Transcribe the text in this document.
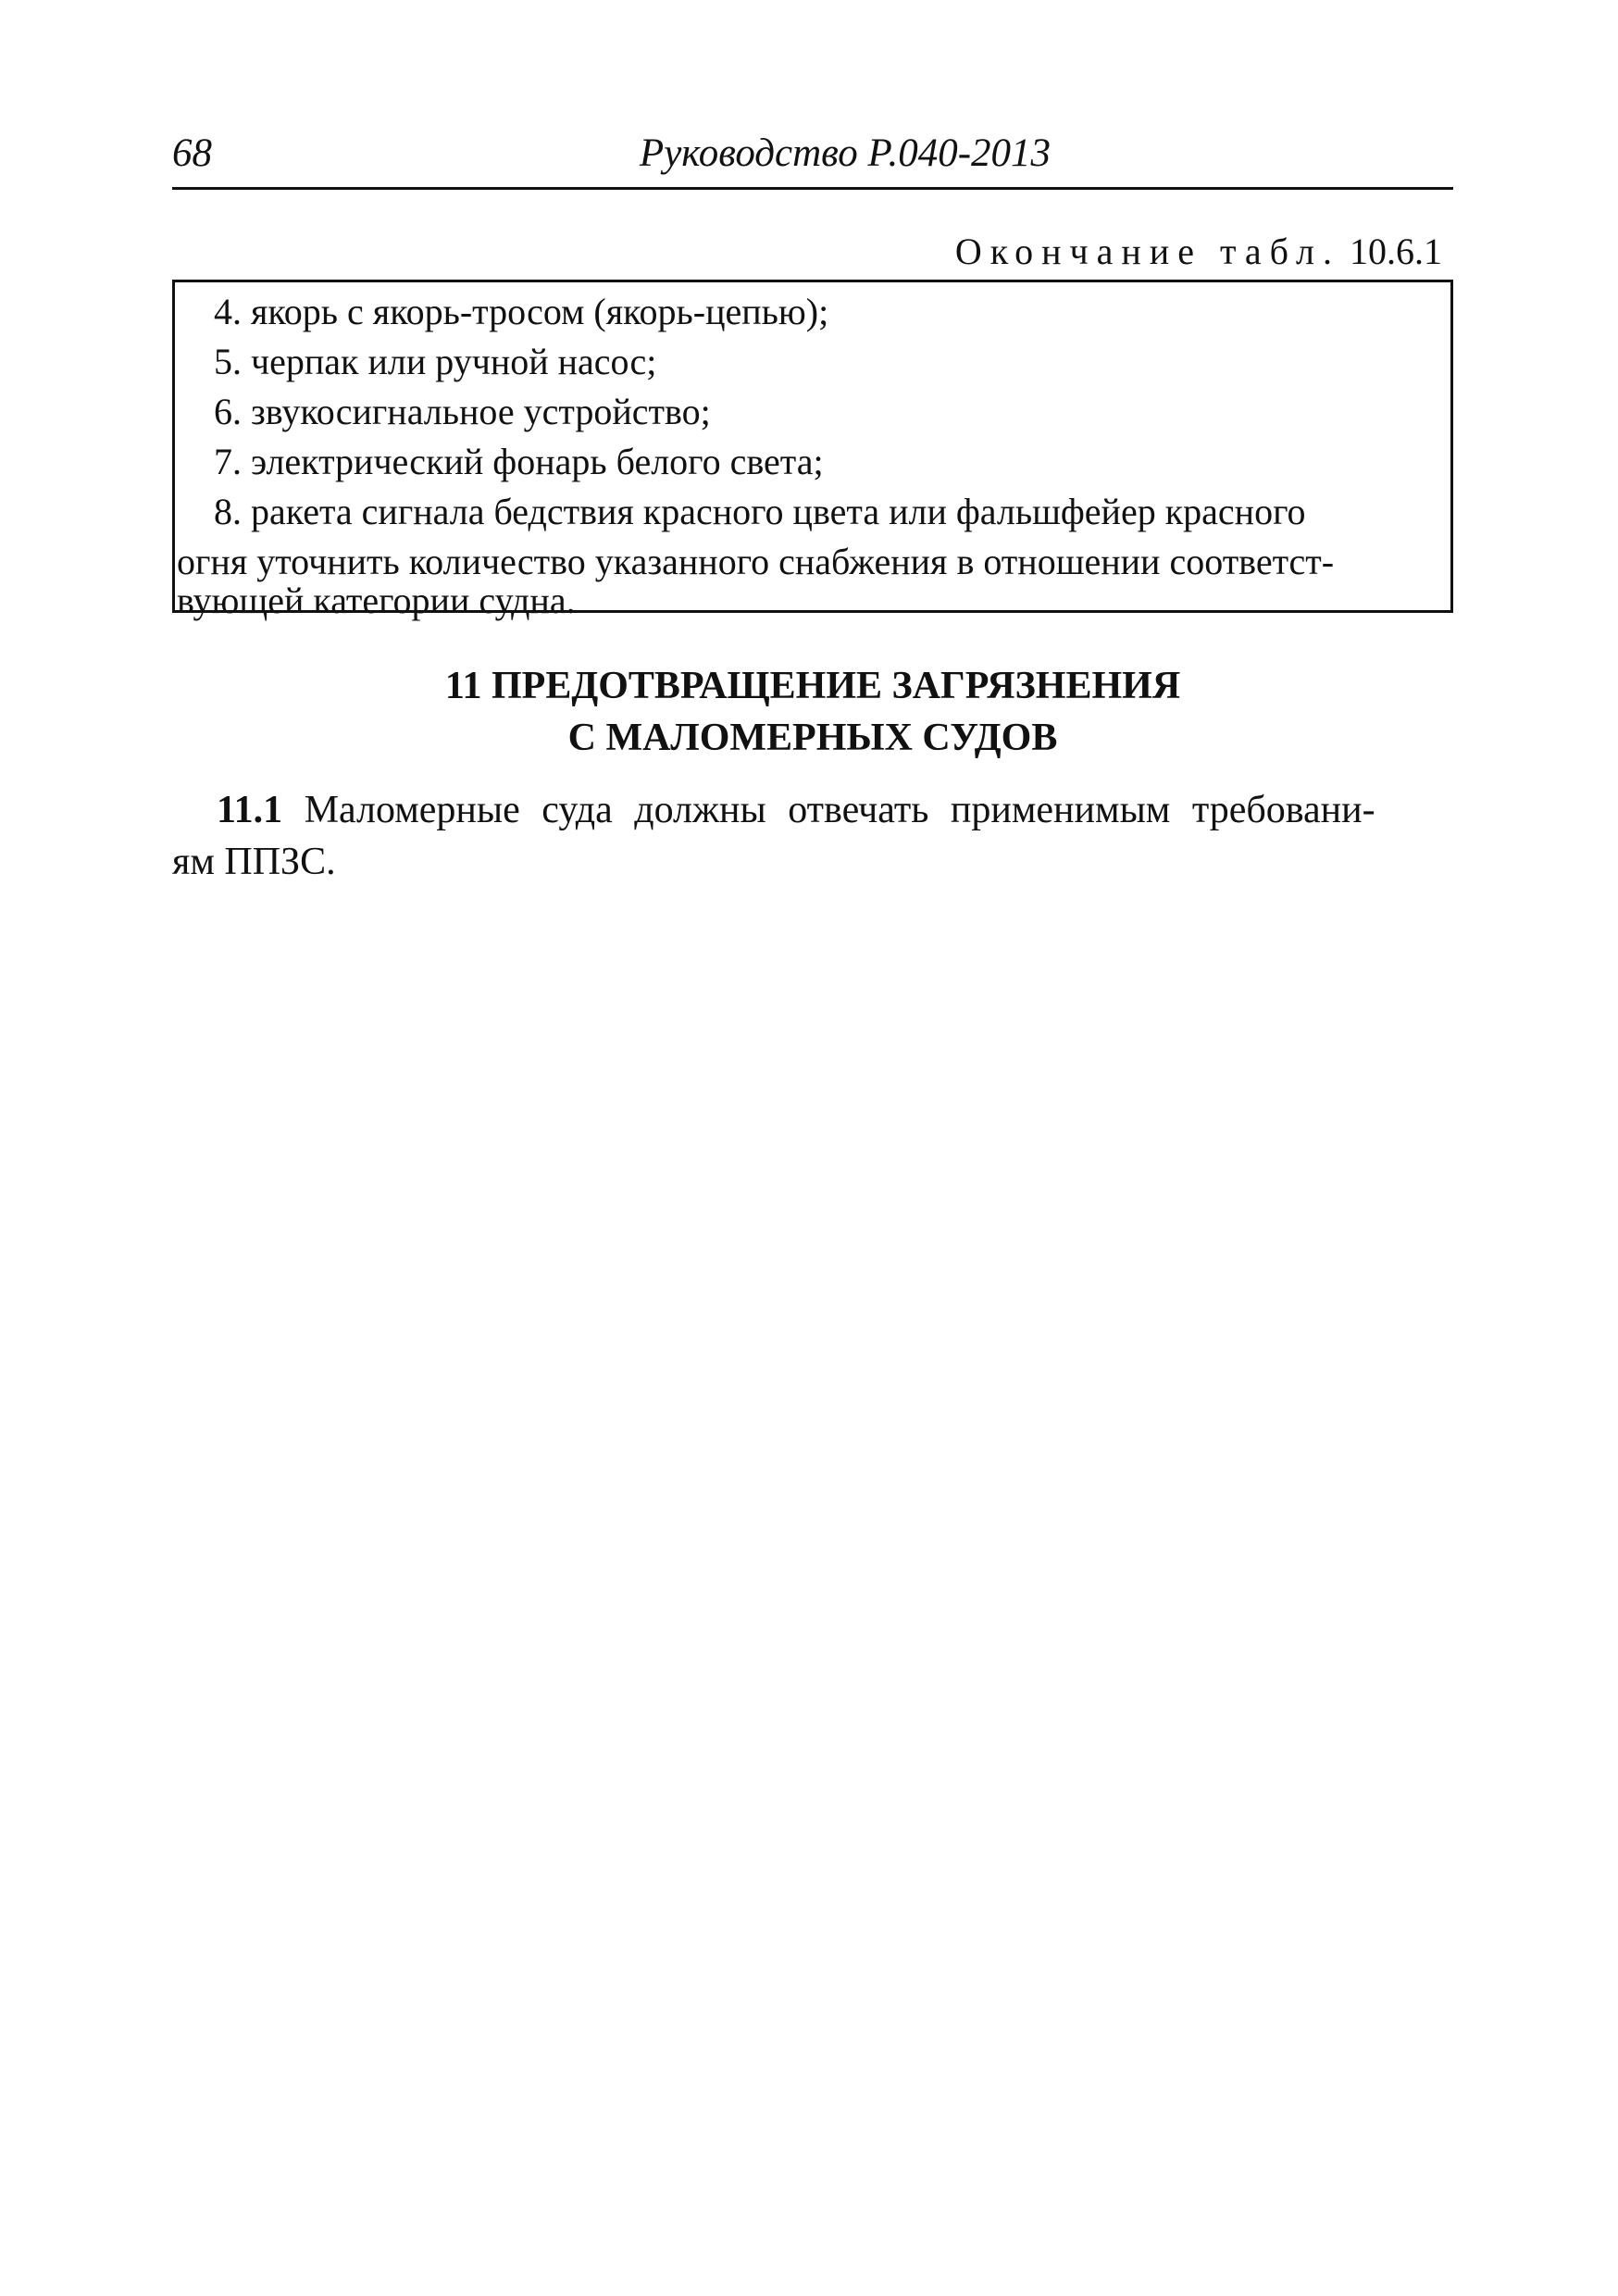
68	Руководство Р.040-2013
Окончание табл. 10.6.1
4. якорь с якорь-тросом (якорь-цепью);
5. черпак или ручной насос;
6. звукосигнальное устройство;
7. электрический фонарь белого света;
8. ракета сигнала бедствия красного цвета или фальшфейер красного
огня уточнить количество указанного снабжения в отношении соответст-
вующей категории судна.
11 ПРЕДОТВРАЩЕНИЕ ЗАГРЯЗНЕНИЯ
С МАЛОМЕРНЫХ СУДОВ
11.1 Маломерные суда должны отвечать применимым требовани-
ям ППЗС.
